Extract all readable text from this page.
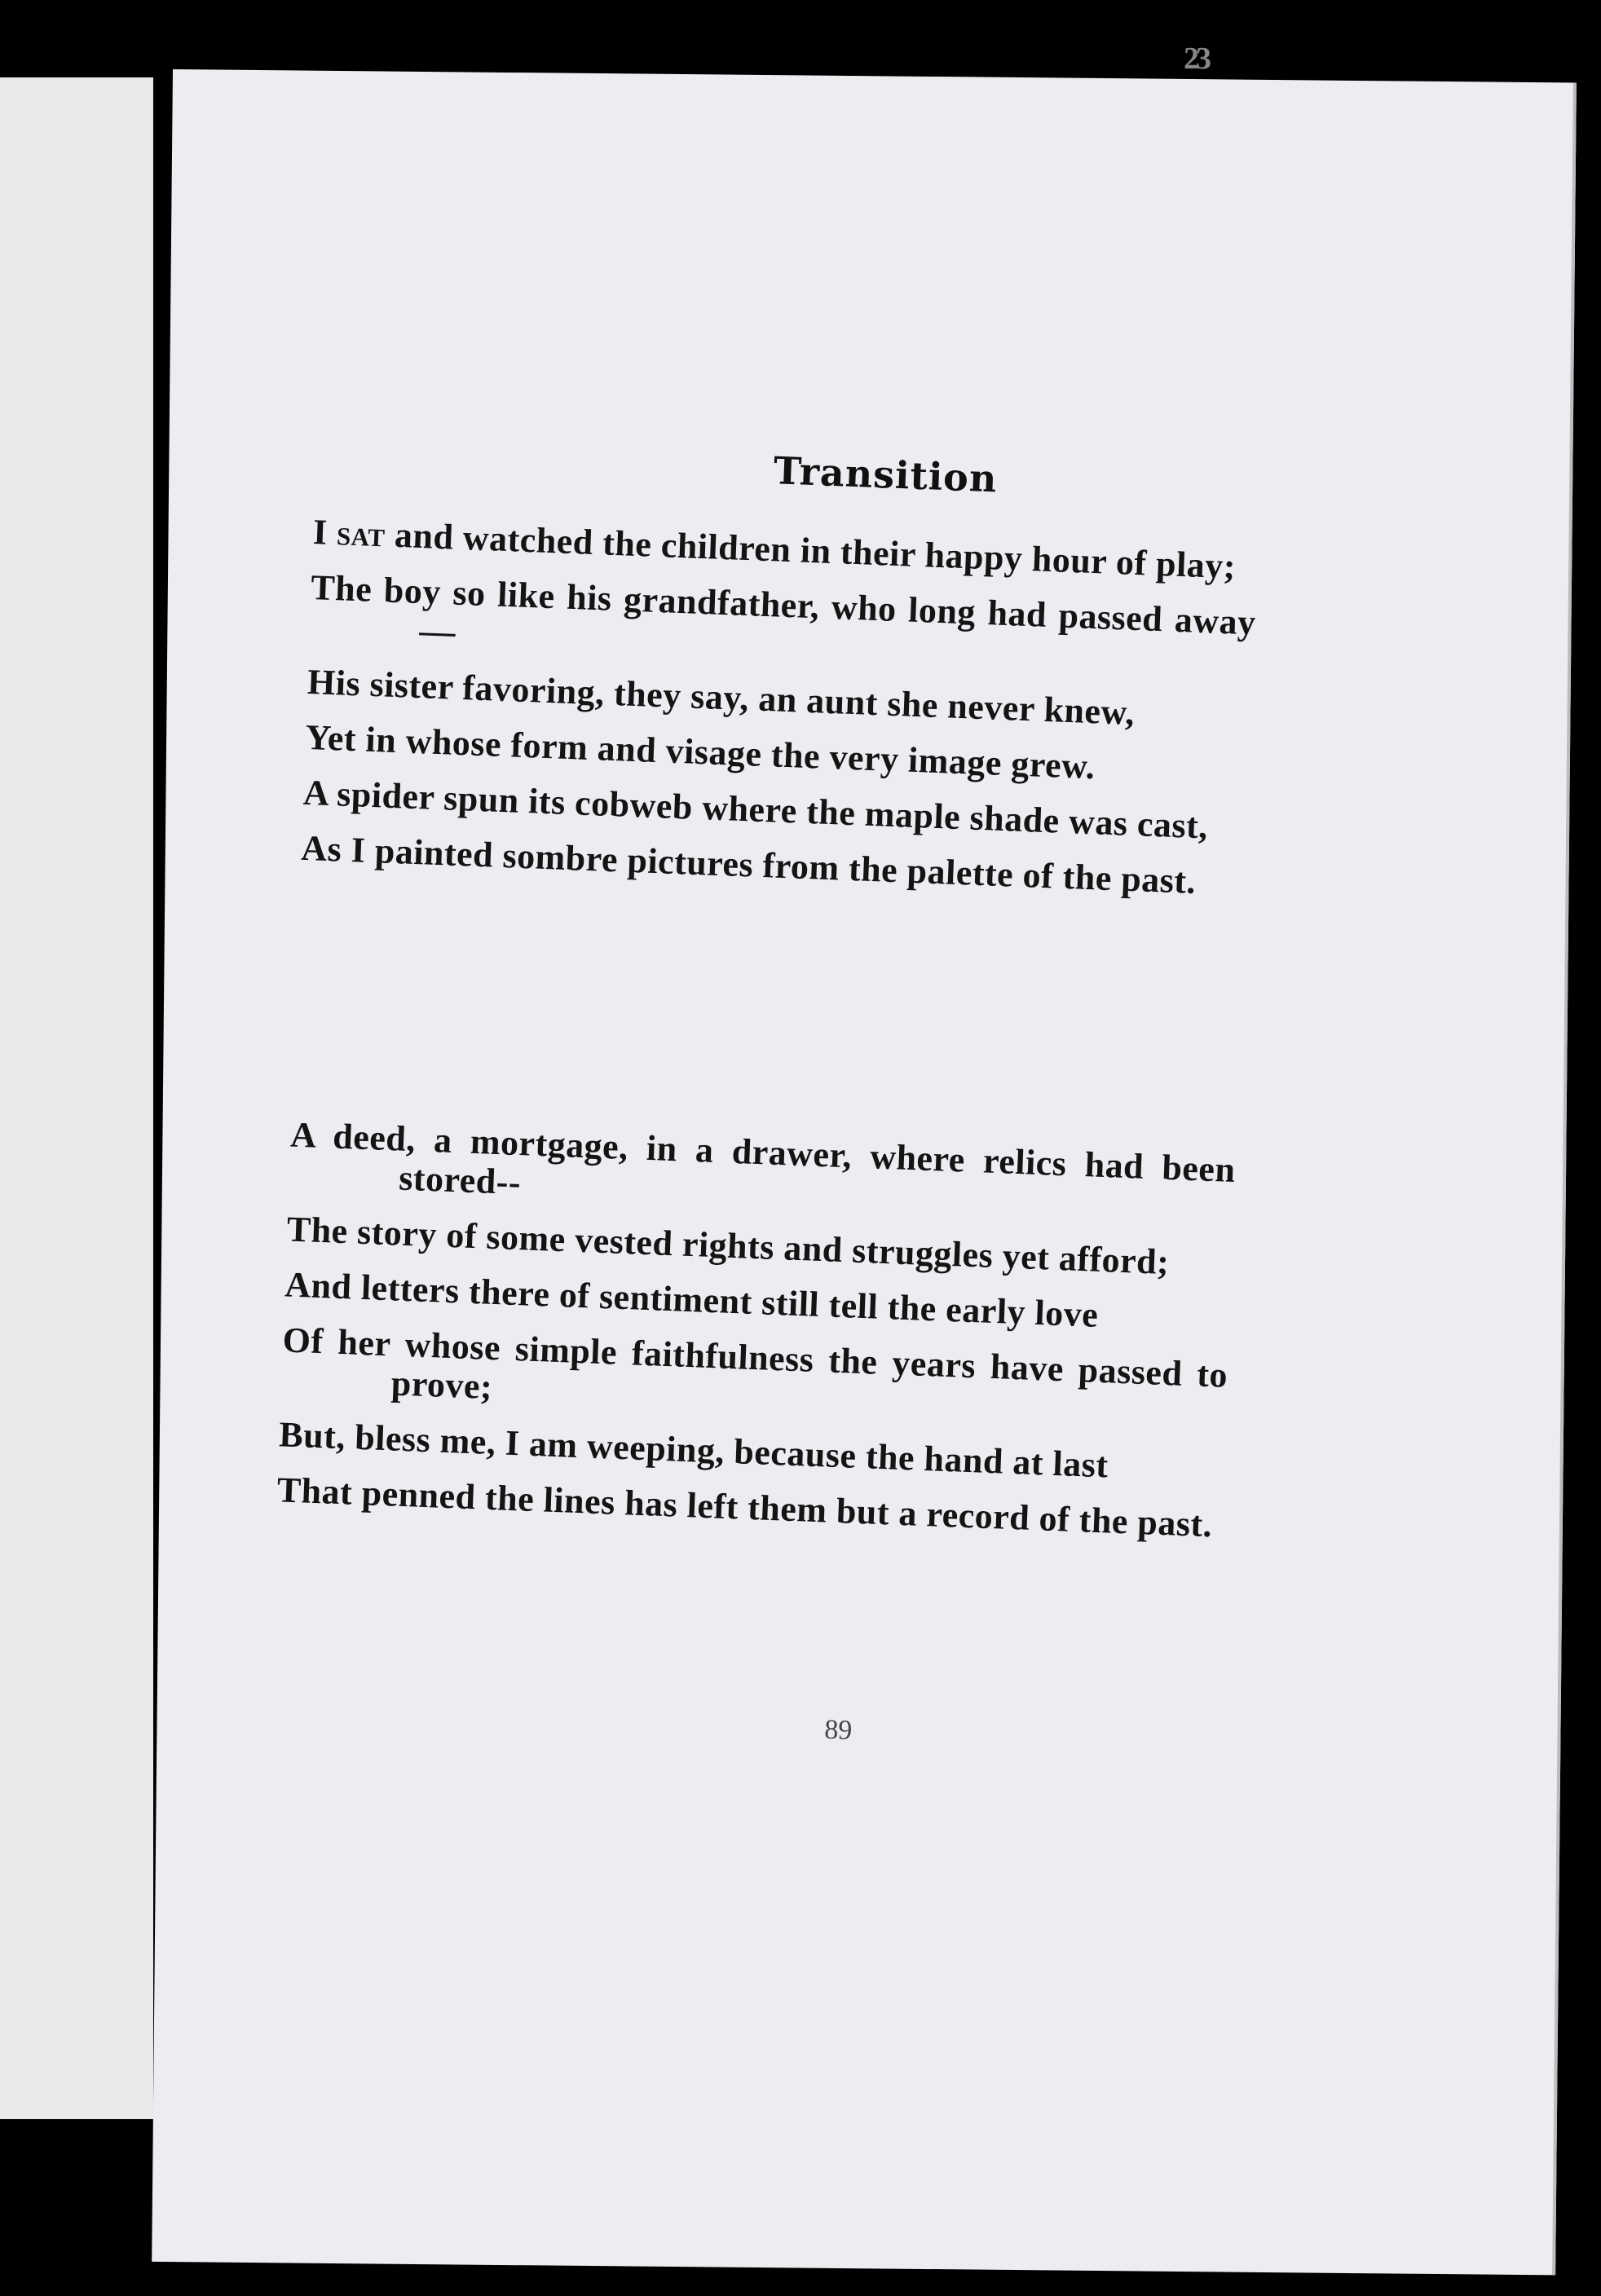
23
Transition

I sat and watched the children in their happy hour of play;

The boy so like his grandfather, who long had passed away—

His sister favoring, they say, an aunt she never knew,

Yet in whose form and visage the very image grew.

A spider spun its cobweb where the maple shade was cast,

As I painted sombre pictures from the palette of the past.

A deed, a mortgage, in a drawer, where relics had been stored--

The story of some vested rights and struggles yet afford;

And letters there of sentiment still tell the early love

Of her whose simple faithfulness the years have passed to prove;

But, bless me, I am weeping, because the hand at last

That penned the lines has left them but a record of the past.

89
